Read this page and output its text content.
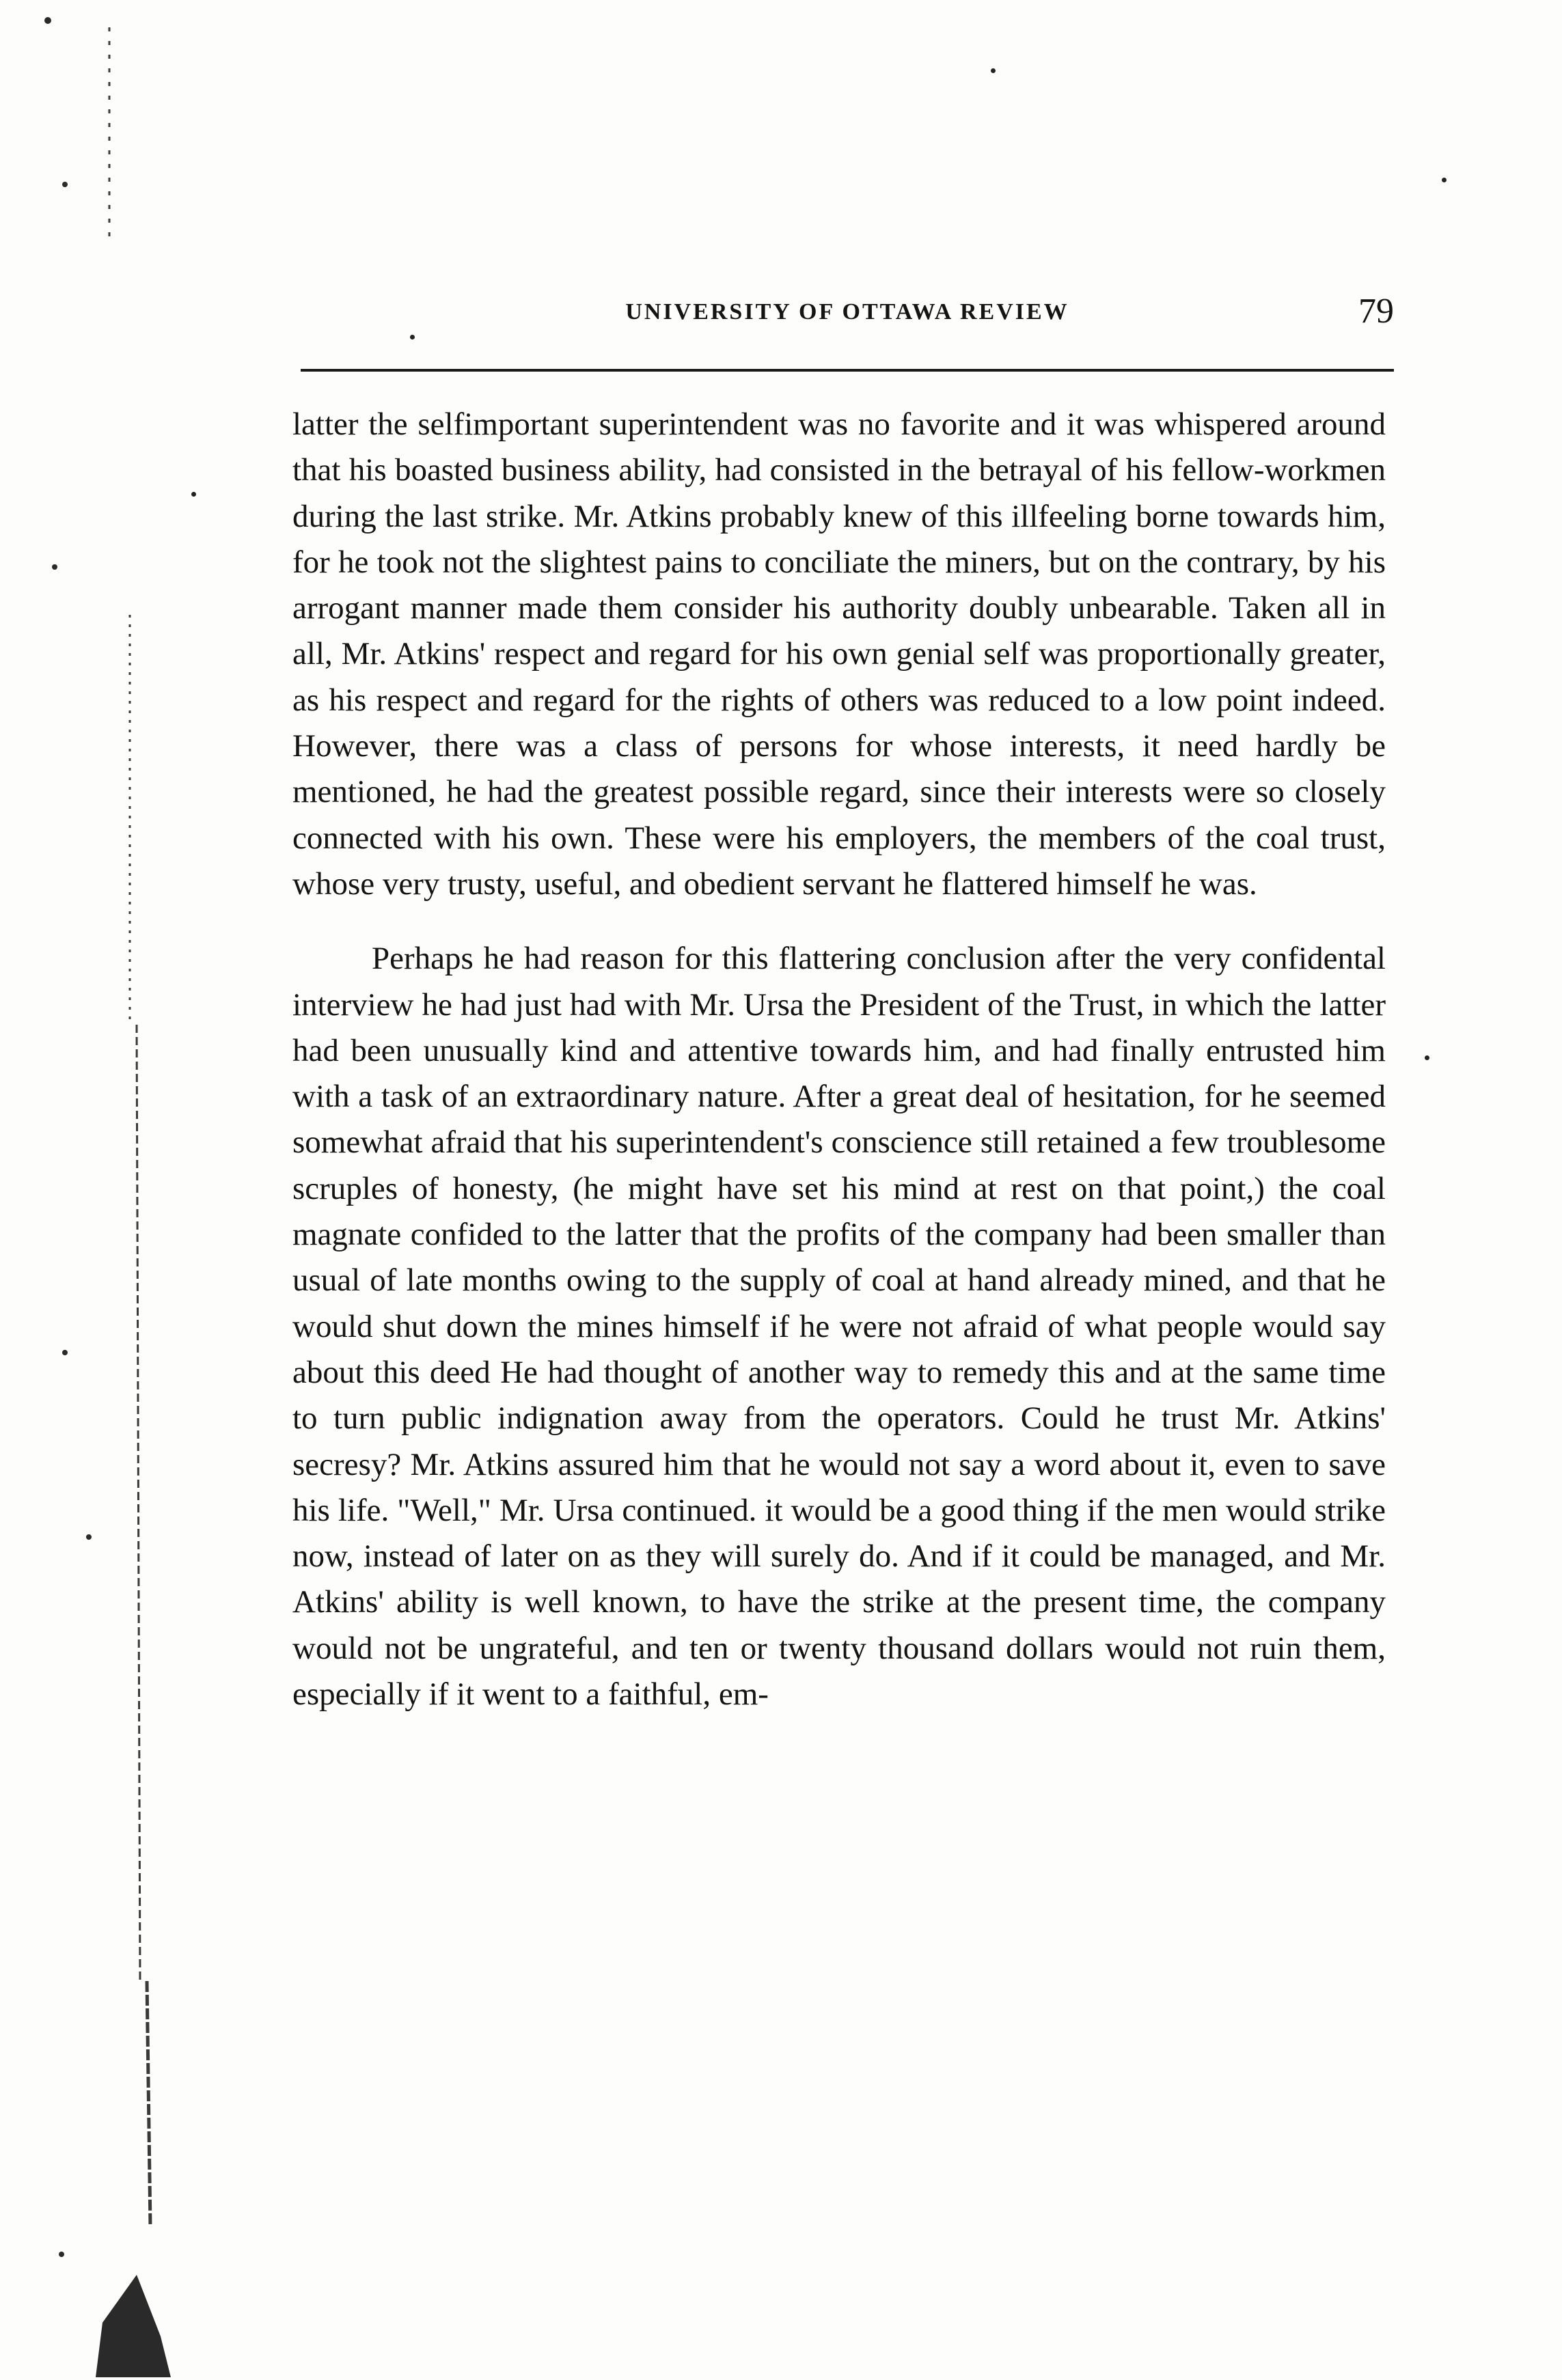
UNIVERSITY OF OTTAWA REVIEW	79

latter the selfimportant superintendent was no favorite and it was whispered around that his boasted business ability, had consisted in the betrayal of his fellow-workmen during the last strike. Mr. Atkins probably knew of this illfeeling borne towards him, for he took not the slightest pains to conciliate the miners, but on the contrary, by his arrogant manner made them consider his authority doubly unbearable. Taken all in all, Mr. Atkins' respect and regard for his own genial self was proportionally greater, as his respect and regard for the rights of others was reduced to a low point indeed. However, there was a class of persons for whose interests, it need hardly be mentioned, he had the greatest possible regard, since their interests were so closely connected with his own. These were his employers, the members of the coal trust, whose very trusty, useful, and obedient servant he flattered himself he was.

Perhaps he had reason for this flattering conclusion after the very confidental interview he had just had with Mr. Ursa the President of the Trust, in which the latter had been unusually kind and attentive towards him, and had finally entrusted him with a task of an extraordinary nature. After a great deal of hesitation, for he seemed somewhat afraid that his superintendent's conscience still retained a few troublesome scruples of honesty, (he might have set his mind at rest on that point,) the coal magnate confided to the latter that the profits of the company had been smaller than usual of late months owing to the supply of coal at hand already mined, and that he would shut down the mines himself if he were not afraid of what people would say about this deed He had thought of another way to remedy this and at the same time to turn public indignation away from the operators. Could he trust Mr. Atkins' secresy? Mr. Atkins assured him that he would not say a word about it, even to save his life. "Well," Mr. Ursa continued. it would be a good thing if the men would strike now, instead of later on as they will surely do. And if it could be managed, and Mr. Atkins' ability is well known, to have the strike at the present time, the company would not be ungrateful, and ten or twenty thousand dollars would not ruin them, especially if it went to a faithful, em-
